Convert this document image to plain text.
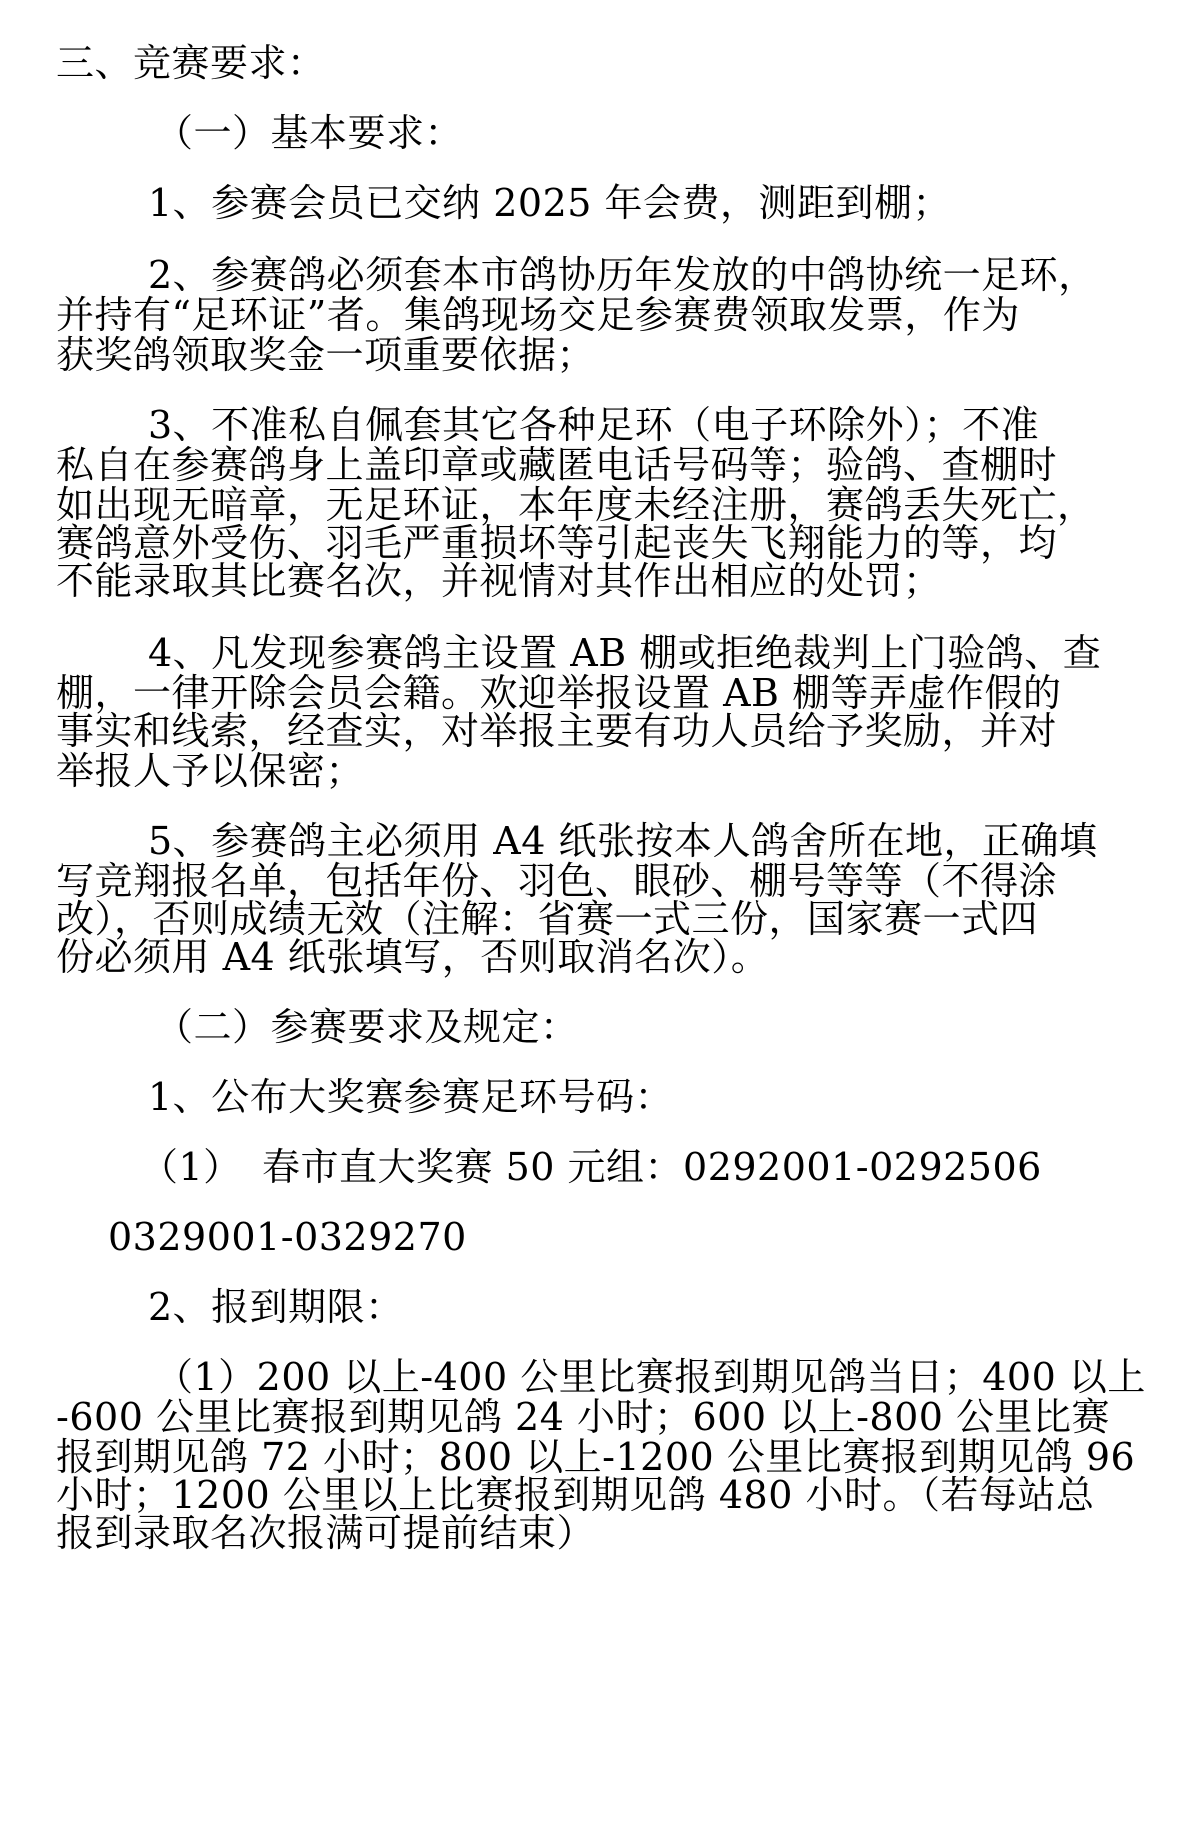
三、竞赛要求：

（一）基本要求：

1、参赛会员已交纳 2025 年会费，测距到棚；

2、参赛鸽必须套本市鸽协历年发放的中鸽协统一足环，

并持有“足环证”者。集鸽现场交足参赛费领取发票，作为

获奖鸽领取奖金一项重要依据；

3、不准私自佩套其它各种足环（电子环除外）；不准

私自在参赛鸽身上盖印章或藏匿电话号码等；验鸽、查棚时

如出现无暗章，无足环证，本年度未经注册，赛鸽丢失死亡，

赛鸽意外受伤、羽毛严重损坏等引起丧失飞翔能力的等，均

不能录取其比赛名次，并视情对其作出相应的处罚；

4、凡发现参赛鸽主设置 AB 棚或拒绝裁判上门验鸽、查

棚，一律开除会员会籍。欢迎举报设置 AB 棚等弄虚作假的

事实和线索，经查实，对举报主要有功人员给予奖励，并对

举报人予以保密；

5、参赛鸽主必须用 A4 纸张按本人鸽舍所在地，正确填

写竞翔报名单，包括年份、羽色、眼砂、棚号等等（不得涂

改），否则成绩无效（注解：省赛一式三份，国家赛一式四

份必须用 A4 纸张填写，否则取消名次）。

（二）参赛要求及规定：

1、公布大奖赛参赛足环号码：

（1） 春市直大奖赛 50 元组：0292001-0292506

0329001-0329270

2、报到期限：

（1）200 以上-400 公里比赛报到期见鸽当日；400 以上

-600 公里比赛报到期见鸽 24 小时；600 以上-800 公里比赛

报到期见鸽 72 小时；800 以上-1200 公里比赛报到期见鸽 96

小时；1200 公里以上比赛报到期见鸽 480 小时。（若每站总

报到录取名次报满可提前结束）
